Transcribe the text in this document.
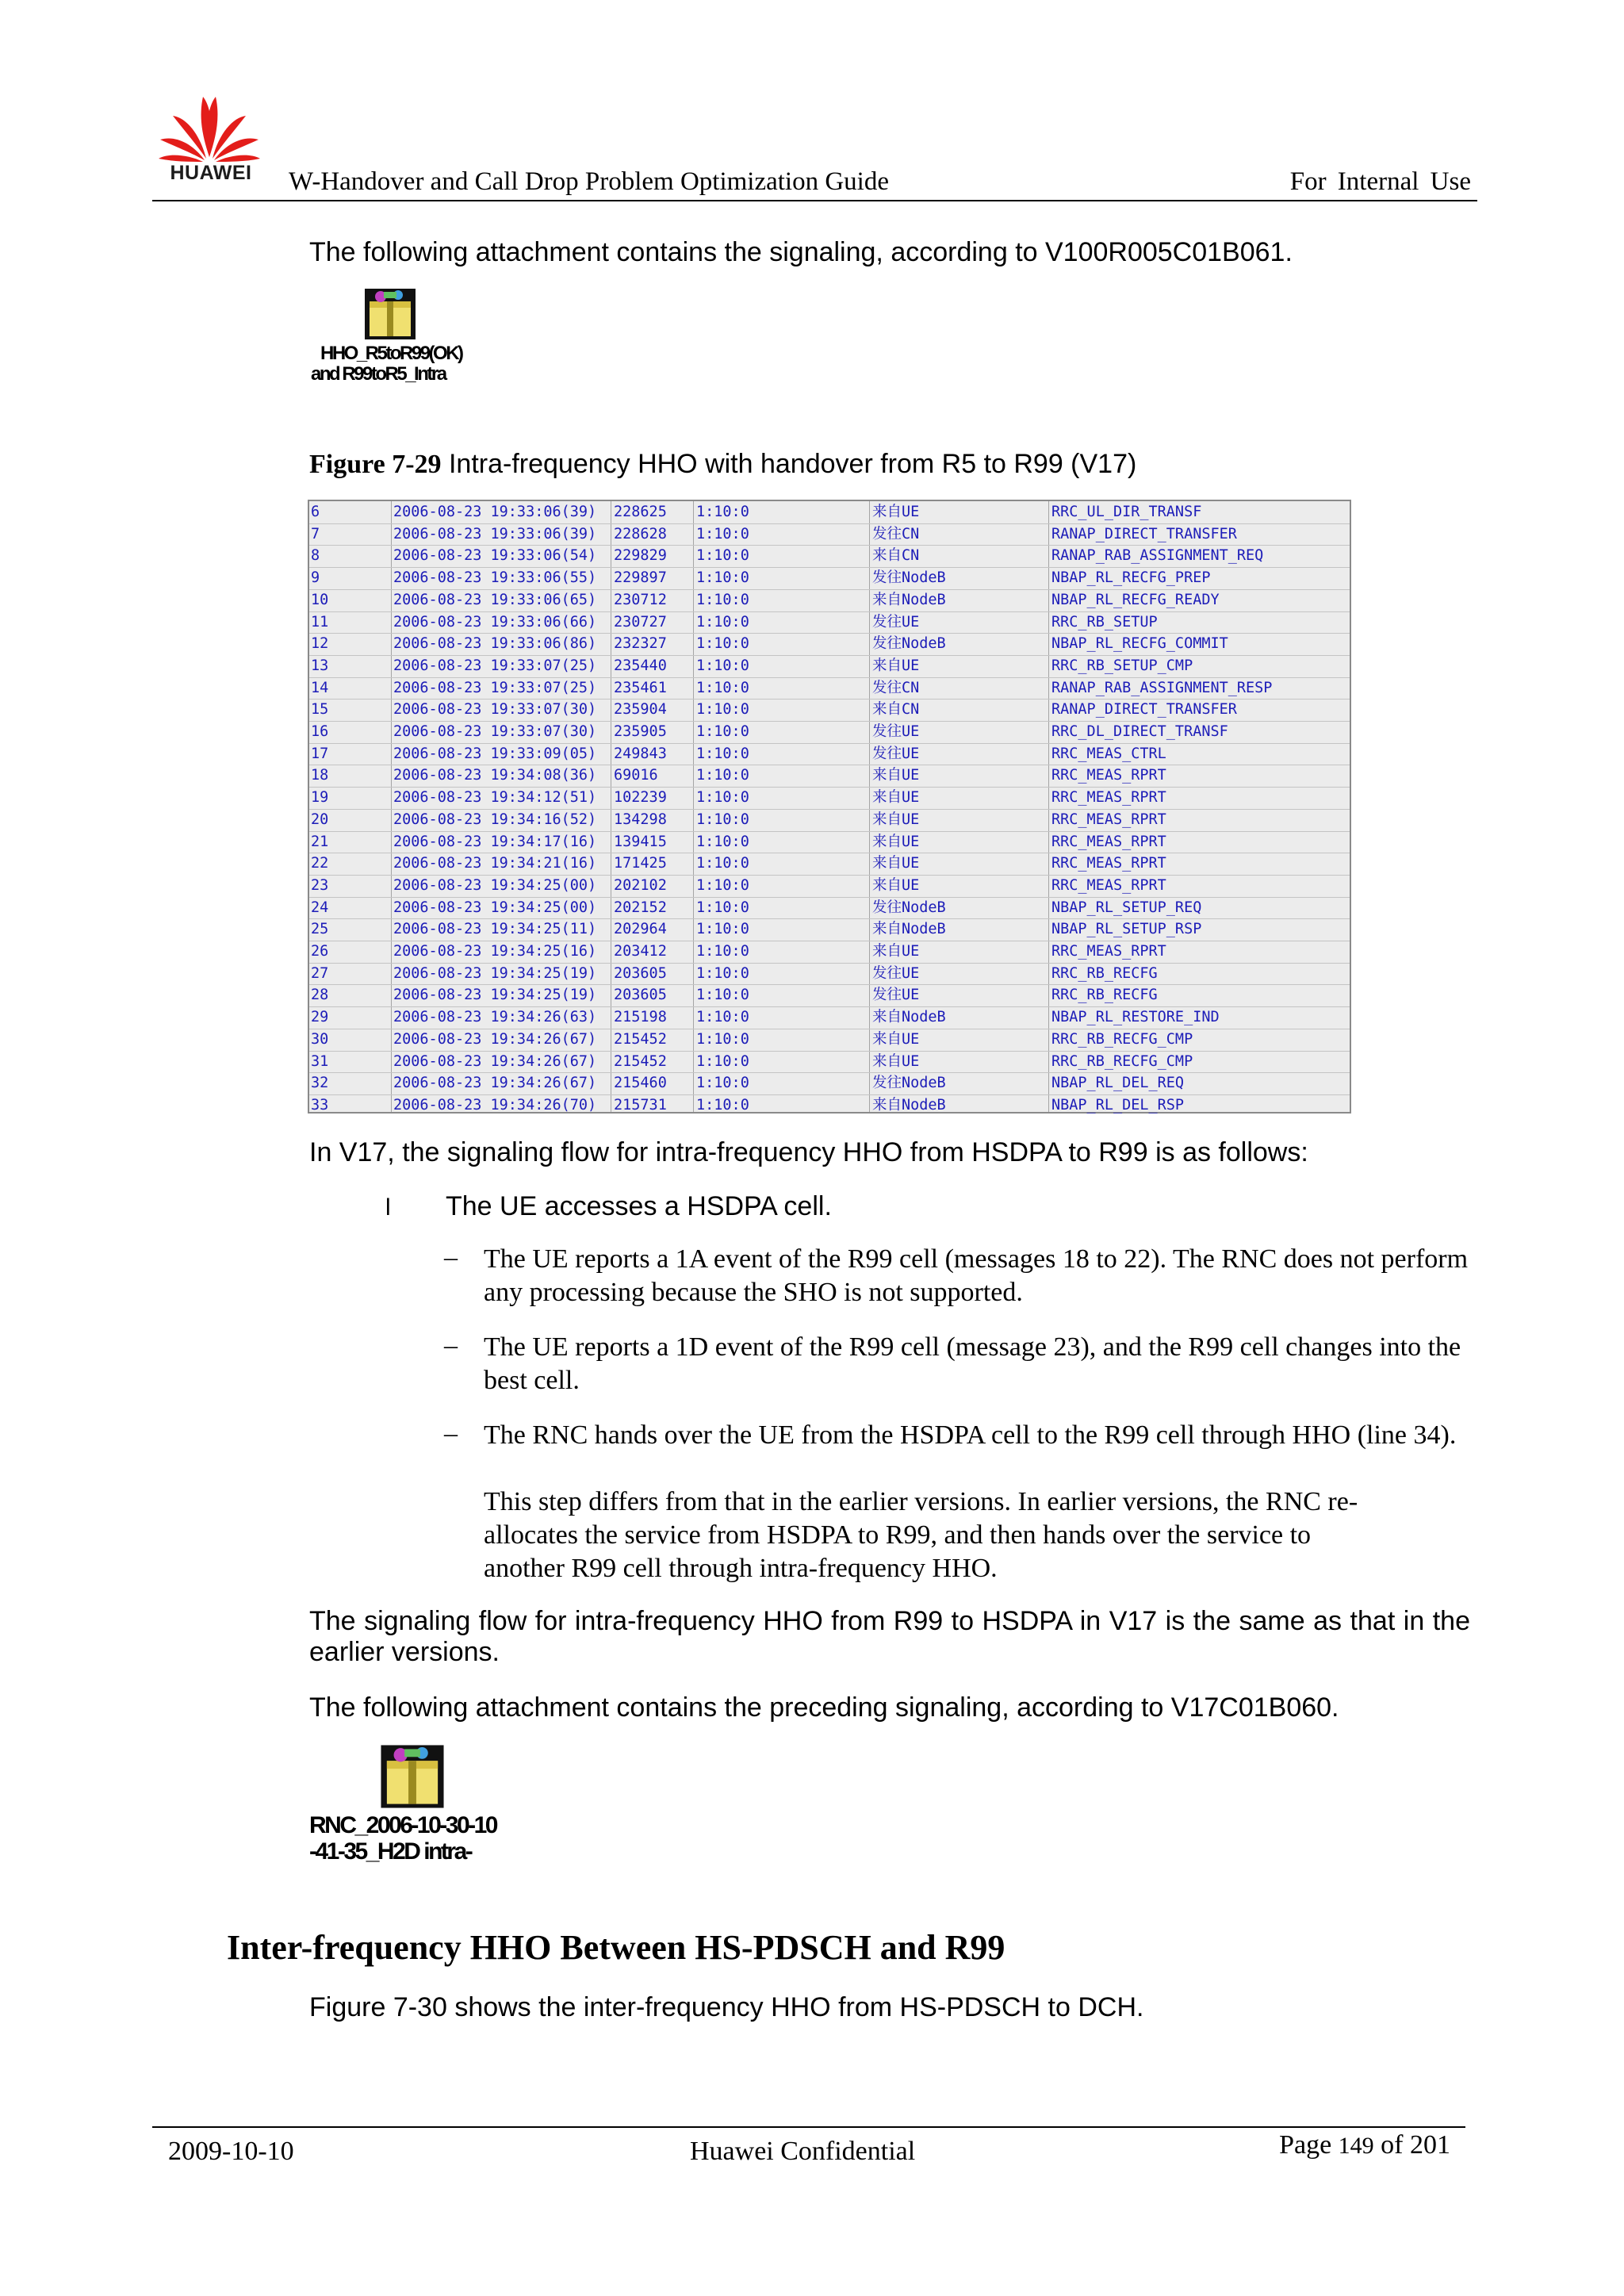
HUAWEI	W-Handover and Call Drop Problem Optimization Guide	For Internal Use
The following attachment contains the signaling, according to V100R005C01B061.
HHO_R5toR99(OK)
and R99toR5_Intra
Figure 7-29 Intra-frequency HHO with handover from R5 to R99 (V17)
6	2006-08-23 19:33:06(39)	228625	1:10:0	来自UE	RRC_UL_DIR_TRANSF
7	2006-08-23 19:33:06(39)	228628	1:10:0	发往CN	RANAP_DIRECT_TRANSFER
8	2006-08-23 19:33:06(54)	229829	1:10:0	来自CN	RANAP_RAB_ASSIGNMENT_REQ
9	2006-08-23 19:33:06(55)	229897	1:10:0	发往NodeB	NBAP_RL_RECFG_PREP
10	2006-08-23 19:33:06(65)	230712	1:10:0	来自NodeB	NBAP_RL_RECFG_READY
11	2006-08-23 19:33:06(66)	230727	1:10:0	发往UE	RRC_RB_SETUP
12	2006-08-23 19:33:06(86)	232327	1:10:0	发往NodeB	NBAP_RL_RECFG_COMMIT
13	2006-08-23 19:33:07(25)	235440	1:10:0	来自UE	RRC_RB_SETUP_CMP
14	2006-08-23 19:33:07(25)	235461	1:10:0	发往CN	RANAP_RAB_ASSIGNMENT_RESP
15	2006-08-23 19:33:07(30)	235904	1:10:0	来自CN	RANAP_DIRECT_TRANSFER
16	2006-08-23 19:33:07(30)	235905	1:10:0	发往UE	RRC_DL_DIRECT_TRANSF
17	2006-08-23 19:33:09(05)	249843	1:10:0	发往UE	RRC_MEAS_CTRL
18	2006-08-23 19:34:08(36)	69016	1:10:0	来自UE	RRC_MEAS_RPRT
19	2006-08-23 19:34:12(51)	102239	1:10:0	来自UE	RRC_MEAS_RPRT
20	2006-08-23 19:34:16(52)	134298	1:10:0	来自UE	RRC_MEAS_RPRT
21	2006-08-23 19:34:17(16)	139415	1:10:0	来自UE	RRC_MEAS_RPRT
22	2006-08-23 19:34:21(16)	171425	1:10:0	来自UE	RRC_MEAS_RPRT
23	2006-08-23 19:34:25(00)	202102	1:10:0	来自UE	RRC_MEAS_RPRT
24	2006-08-23 19:34:25(00)	202152	1:10:0	发往NodeB	NBAP_RL_SETUP_REQ
25	2006-08-23 19:34:25(11)	202964	1:10:0	来自NodeB	NBAP_RL_SETUP_RSP
26	2006-08-23 19:34:25(16)	203412	1:10:0	来自UE	RRC_MEAS_RPRT
27	2006-08-23 19:34:25(19)	203605	1:10:0	发往UE	RRC_RB_RECFG
28	2006-08-23 19:34:25(19)	203605	1:10:0	发往UE	RRC_RB_RECFG
29	2006-08-23 19:34:26(63)	215198	1:10:0	来自NodeB	NBAP_RL_RESTORE_IND
30	2006-08-23 19:34:26(67)	215452	1:10:0	来自UE	RRC_RB_RECFG_CMP
31	2006-08-23 19:34:26(67)	215452	1:10:0	来自UE	RRC_RB_RECFG_CMP
32	2006-08-23 19:34:26(67)	215460	1:10:0	发往NodeB	NBAP_RL_DEL_REQ
33	2006-08-23 19:34:26(70)	215731	1:10:0	来自NodeB	NBAP_RL_DEL_RSP
In V17, the signaling flow for intra-frequency HHO from HSDPA to R99 is as follows:
l The UE accesses a HSDPA cell.
– The UE reports a 1A event of the R99 cell (messages 18 to 22). The RNC does not perform any processing because the SHO is not supported.
– The UE reports a 1D event of the R99 cell (message 23), and the R99 cell changes into the best cell.
– The RNC hands over the UE from the HSDPA cell to the R99 cell through HHO (line 34).
This step differs from that in the earlier versions. In earlier versions, the RNC re-allocates the service from HSDPA to R99, and then hands over the service to another R99 cell through intra-frequency HHO.
The signaling flow for intra-frequency HHO from R99 to HSDPA in V17 is the same as that in the earlier versions.
The following attachment contains the preceding signaling, according to V17C01B060.
RNC_2006-10-30-10
-41-35_H2D intra-
Inter-frequency HHO Between HS-PDSCH and R99
Figure 7-30 shows the inter-frequency HHO from HS-PDSCH to DCH.
2009-10-10	Huawei Confidential	Page 149 of 201
